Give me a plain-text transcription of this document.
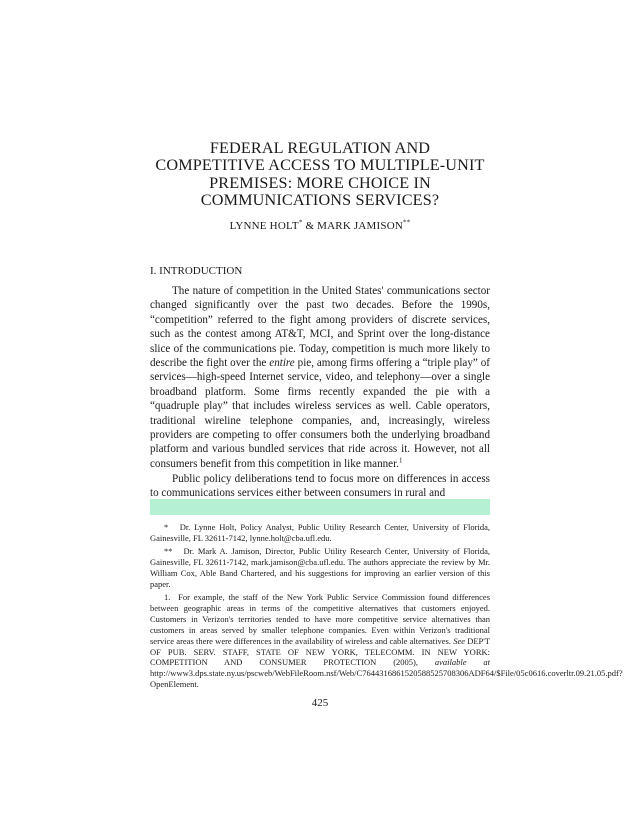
FEDERAL REGULATION AND
COMPETITIVE ACCESS TO MULTIPLE-UNIT
PREMISES: MORE CHOICE IN
COMMUNICATIONS SERVICES?
LYNNE HOLT* & MARK JAMISON**
I. INTRODUCTION

The nature of competition in the United States' communications sector changed significantly over the past two decades. Before the 1990s, “competition” referred to the fight among providers of discrete services, such as the contest among AT&T, MCI, and Sprint over the long-distance slice of the communications pie. Today, competition is much more likely to describe the fight over the entire pie, among firms offering a “triple play” of services—high-speed Internet service, video, and telephony—over a single broadband platform. Some firms recently expanded the pie with a “quadruple play” that includes wireless services as well. Cable operators, traditional wireline telephone companies, and, increasingly, wireless providers are competing to offer consumers both the underlying broadband platform and various bundled services that ride across it. However, not all consumers benefit from this competition in like manner.$^1$

Public policy deliberations tend to focus more on differences in access to communications services either between consumers in rural and

* Dr. Lynne Holt, Policy Analyst, Public Utility Research Center, University of Florida, Gainesville, FL 32611-7142, lynne.holt@cba.ufl.edu.

** Dr. Mark A. Jamison, Director, Public Utility Research Center, University of Florida, Gainesville, FL 32611-7142, mark.jamison@cba.ufl.edu. The authors appreciate the review by Mr. William Cox, Able Band Chartered, and his suggestions for improving an earlier version of this paper.

1. For example, the staff of the New York Public Service Commission found differences between geographic areas in terms of the competitive alternatives that customers enjoyed. Customers in Verizon's territories tended to have more competitive service alternatives than customers in areas served by smaller telephone companies. Even within Verizon's traditional service areas there were differences in the availability of wireless and cable alternatives. See DEP'T OF PUB. SERV. STAFF, STATE OF NEW YORK, TELECOMM. IN NEW YORK: COMPETITION AND CONSUMER PROTECTION (2005), available at http://www3.dps.state.ny.us/pscweb/WebFileRoom.nsf/Web/C7644316861520588525708306ADF64/$File/05c0616.coverltr.09.21.05.pdf?OpenElement.

425
